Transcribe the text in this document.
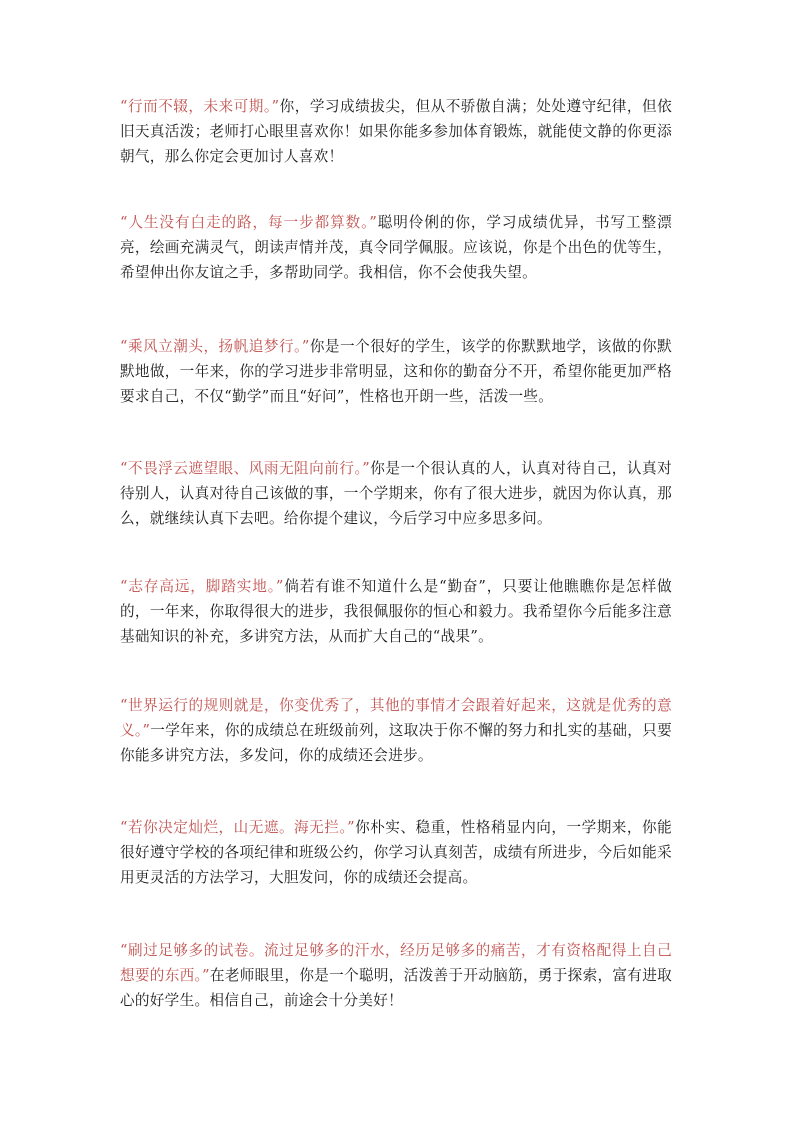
“行而不辍，未来可期。”你，学习成绩拔尖，但从不骄傲自满；处处遵守纪律，但依旧天真活泼；老师打心眼里喜欢你！如果你能多参加体育锻炼，就能使文静的你更添朝气，那么你定会更加讨人喜欢！

“人生没有白走的路，每一步都算数。”聪明伶俐的你，学习成绩优异，书写工整漂亮，绘画充满灵气，朗读声情并茂，真令同学佩服。应该说，你是个出色的优等生，希望伸出你友谊之手，多帮助同学。我相信，你不会使我失望。

“乘风立潮头，扬帆追梦行。”你是一个很好的学生，该学的你默默地学，该做的你默默地做，一年来，你的学习进步非常明显，这和你的勤奋分不开，希望你能更加严格要求自己，不仅“勤学”而且“好问”，性格也开朗一些，活泼一些。

“不畏浮云遮望眼、风雨无阻向前行。”你是一个很认真的人，认真对待自己，认真对待别人，认真对待自己该做的事，一个学期来，你有了很大进步，就因为你认真，那么，就继续认真下去吧。给你提个建议，今后学习中应多思多问。

“志存高远，脚踏实地。”倘若有谁不知道什么是“勤奋”，只要让他瞧瞧你是怎样做的，一年来，你取得很大的进步，我很佩服你的恒心和毅力。我希望你今后能多注意基础知识的补充，多讲究方法，从而扩大自己的“战果”。

“世界运行的规则就是，你变优秀了，其他的事情才会跟着好起来，这就是优秀的意义。”一学年来，你的成绩总在班级前列，这取决于你不懈的努力和扎实的基础，只要你能多讲究方法，多发问，你的成绩还会进步。

“若你决定灿烂，山无遮。海无拦。”你朴实、稳重，性格稍显内向，一学期来，你能很好遵守学校的各项纪律和班级公约，你学习认真刻苦，成绩有所进步，今后如能采用更灵活的方法学习，大胆发问，你的成绩还会提高。

“刷过足够多的试卷。流过足够多的汗水，经历足够多的痛苦，才有资格配得上自己想要的东西。”在老师眼里，你是一个聪明，活泼善于开动脑筋，勇于探索，富有进取心的好学生。相信自己，前途会十分美好！
